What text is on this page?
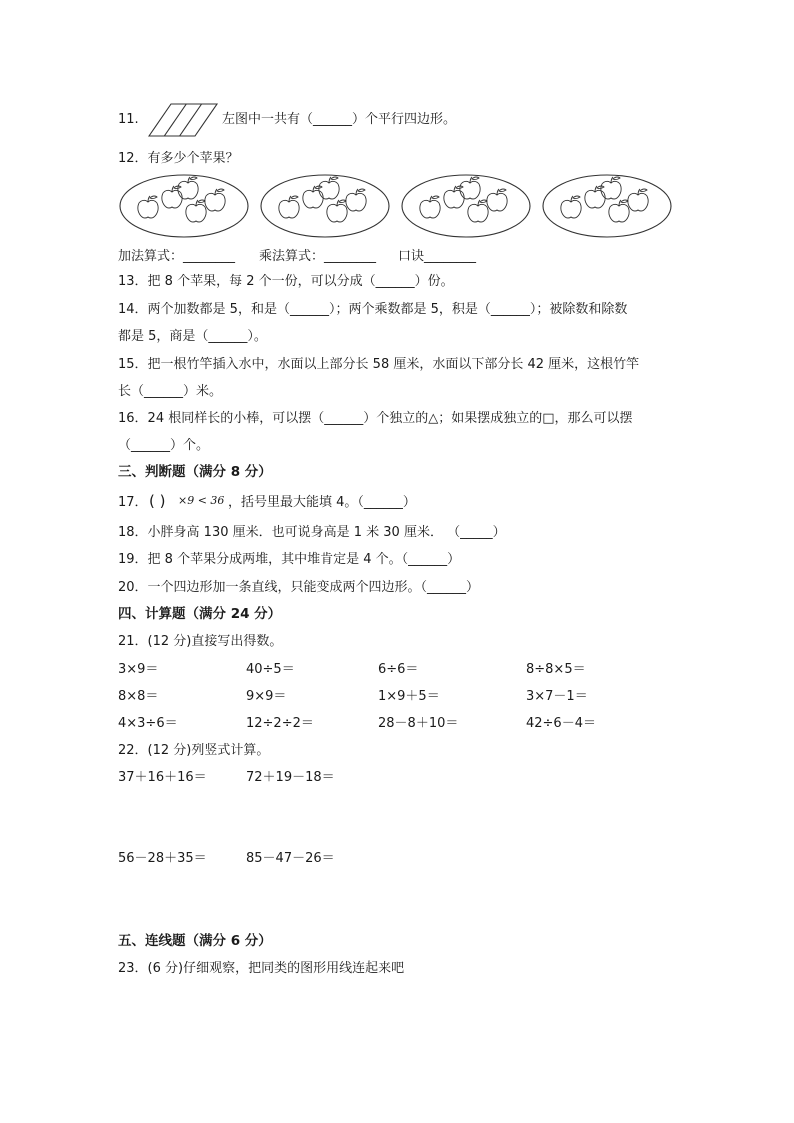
11.	左图中一共有（______）个平行四边形。
12．有多少个苹果？
加法算式：________ 乘法算式：________ 口诀________
13．把 8 个苹果，每 2 个一份，可以分成（______）份。
14．两个加数都是 5，和是（______）；两个乘数都是 5，积是（______）；被除数和除数
都是 5，商是（______）。
15．把一根竹竿插入水中，水面以上部分长 58 厘米，水面以下部分长 42 厘米，这根竹竿
长（______）米。
16．24 根同样长的小棒，可以摆（______）个独立的△；如果摆成独立的□，那么可以摆
（______）个。
三、判断题（满分 8 分）
17． ( ) ×9 < 36 ，括号里最大能填 4。（______）
18．小胖身高 130 厘米．也可说身高是 1 米 30 厘米． （_____）
19．把 8 个苹果分成两堆，其中堆肯定是 4 个。（______）
20．一个四边形加一条直线，只能变成两个四边形。（______）
四、计算题（满分 24 分）
21．(12 分)直接写出得数。
3×9＝	40÷5＝	6÷6＝	8÷8×5＝
8×8＝	9×9＝	1×9＋5＝	3×7－1＝
4×3÷6＝	12÷2÷2＝	28－8＋10＝	42÷6－4＝
22．(12 分)列竖式计算。
37＋16＋16＝	72＋19－18＝
56－28＋35＝	85－47－26＝
五、连线题（满分 6 分）
23．(6 分)仔细观察，把同类的图形用线连起来吧
